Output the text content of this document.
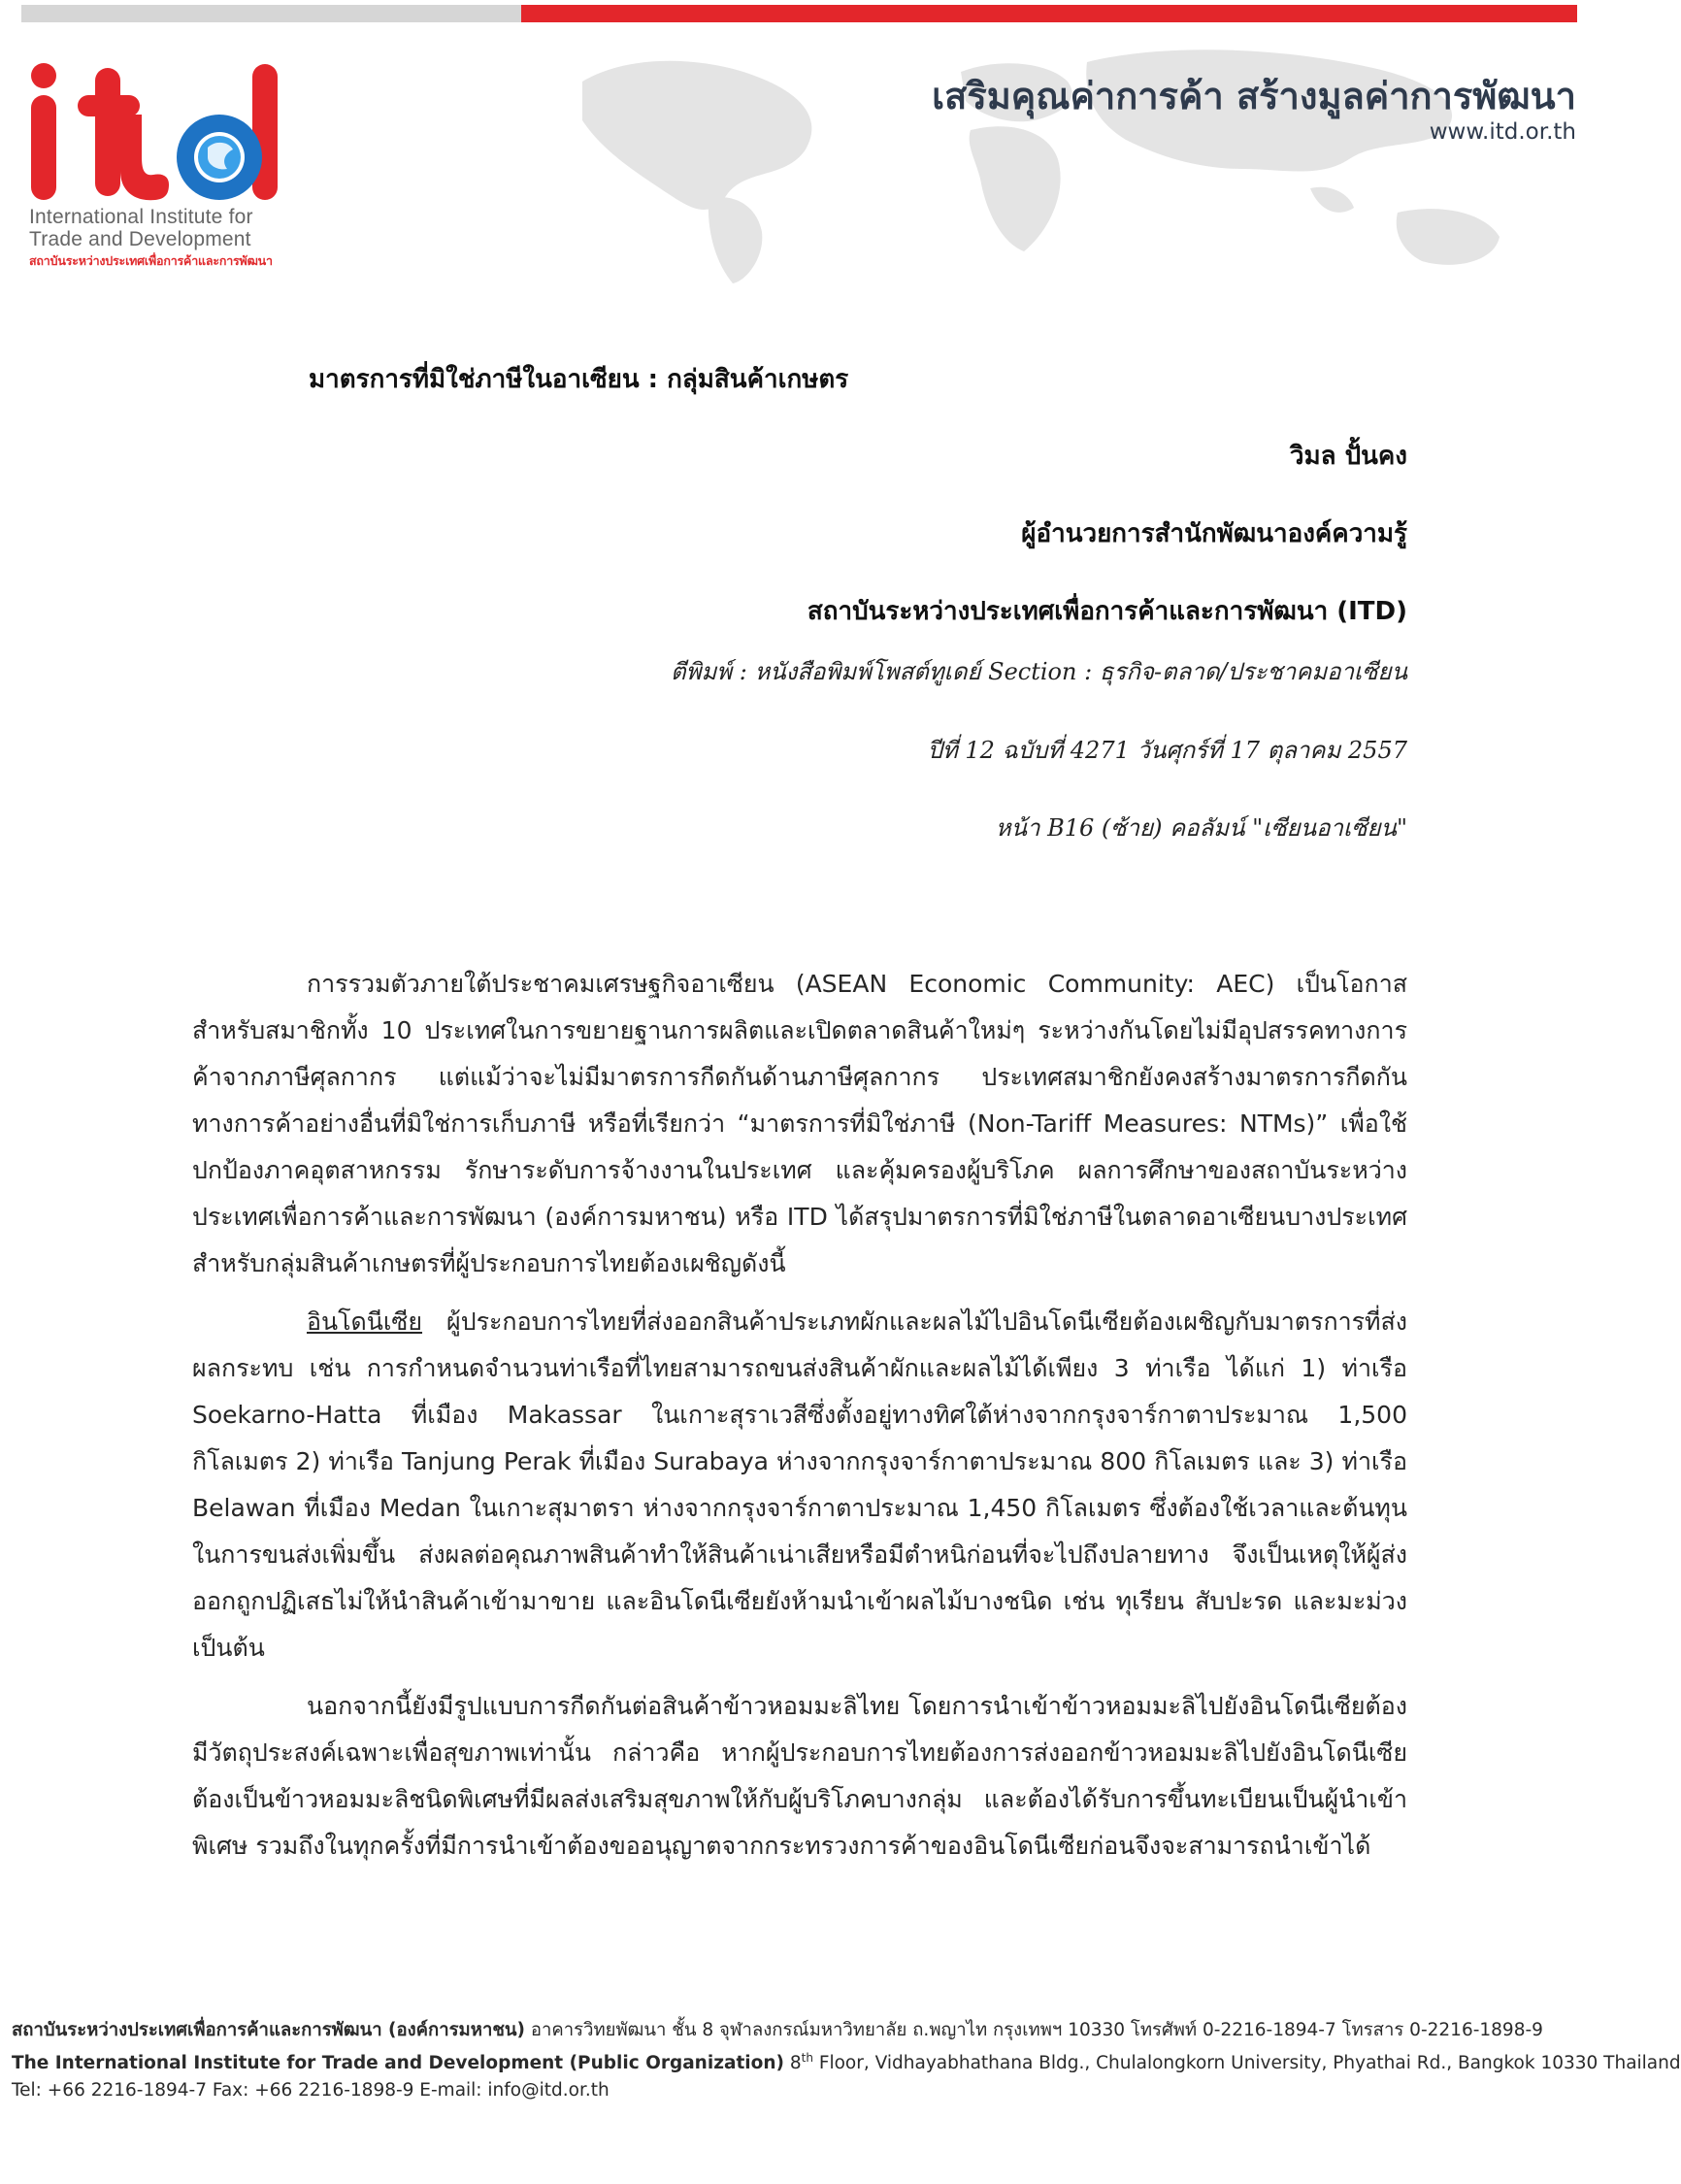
International Institute for
Trade and Development
สถาบันระหว่างประเทศเพื่อการค้าและการพัฒนา
เสริมคุณค่าการค้า สร้างมูลค่าการพัฒนา
www.itd.or.th
มาตรการที่มิใช่ภาษีในอาเซียน : กลุ่มสินค้าเกษตร
วิมล ปั้นคง
ผู้อำนวยการสำนักพัฒนาองค์ความรู้
สถาบันระหว่างประเทศเพื่อการค้าและการพัฒนา (ITD)
ตีพิมพ์ : หนังสือพิมพ์โพสต์ทูเดย์ Section : ธุรกิจ-ตลาด/ประชาคมอาเซียน
ปีที่ 12 ฉบับที่ 4271 วันศุกร์ที่ 17 ตุลาคม 2557
หน้า B16 (ซ้าย) คอลัมน์ "เซียนอาเซียน"

การรวมตัวภายใต้ประชาคมเศรษฐกิจอาเซียน (ASEAN Economic Community: AEC) เป็นโอกาสสำหรับสมาชิกทั้ง 10 ประเทศในการขยายฐานการผลิตและเปิดตลาดสินค้าใหม่ๆ ระหว่างกันโดยไม่มีอุปสรรคทางการค้าจากภาษีศุลกากร แต่แม้ว่าจะไม่มีมาตรการกีดกันด้านภาษีศุลกากร ประเทศสมาชิกยังคงสร้างมาตรการกีดกันทางการค้าอย่างอื่นที่มิใช่การเก็บภาษี หรือที่เรียกว่า “มาตรการที่มิใช่ภาษี (Non-Tariff Measures: NTMs)” เพื่อใช้ปกป้องภาคอุตสาหกรรม รักษาระดับการจ้างงานในประเทศ และคุ้มครองผู้บริโภค ผลการศึกษาของสถาบันระหว่างประเทศเพื่อการค้าและการพัฒนา (องค์การมหาชน) หรือ ITD ได้สรุปมาตรการที่มิใช่ภาษีในตลาดอาเซียนบางประเทศสำหรับกลุ่มสินค้าเกษตรที่ผู้ประกอบการไทยต้องเผชิญดังนี้

อินโดนีเซีย ผู้ประกอบการไทยที่ส่งออกสินค้าประเภทผักและผลไม้ไปอินโดนีเซียต้องเผชิญกับมาตรการที่ส่งผลกระทบ เช่น การกำหนดจำนวนท่าเรือที่ไทยสามารถขนส่งสินค้าผักและผลไม้ได้เพียง 3 ท่าเรือ ได้แก่ 1) ท่าเรือ Soekarno-Hatta ที่เมือง Makassar ในเกาะสุราเวสีซึ่งตั้งอยู่ทางทิศใต้ห่างจากกรุงจาร์กาตาประมาณ 1,500 กิโลเมตร 2) ท่าเรือ Tanjung Perak ที่เมือง Surabaya ห่างจากกรุงจาร์กาตาประมาณ 800 กิโลเมตร และ 3) ท่าเรือ Belawan ที่เมือง Medan ในเกาะสุมาตรา ห่างจากกรุงจาร์กาตาประมาณ 1,450 กิโลเมตร ซึ่งต้องใช้เวลาและต้นทุนในการขนส่งเพิ่มขึ้น ส่งผลต่อคุณภาพสินค้าทำให้สินค้าเน่าเสียหรือมีตำหนิก่อนที่จะไปถึงปลายทาง จึงเป็นเหตุให้ผู้ส่งออกถูกปฏิเสธไม่ให้นำสินค้าเข้ามาขาย และอินโดนีเซียยังห้ามนำเข้าผลไม้บางชนิด เช่น ทุเรียน สับปะรด และมะม่วง เป็นต้น

นอกจากนี้ยังมีรูปแบบการกีดกันต่อสินค้าข้าวหอมมะลิไทย โดยการนำเข้าข้าวหอมมะลิไปยังอินโดนีเซียต้องมีวัตถุประสงค์เฉพาะเพื่อสุขภาพเท่านั้น กล่าวคือ หากผู้ประกอบการไทยต้องการส่งออกข้าวหอมมะลิไปยังอินโดนีเซียต้องเป็นข้าวหอมมะลิชนิดพิเศษที่มีผลส่งเสริมสุขภาพให้กับผู้บริโภคบางกลุ่ม และต้องได้รับการขึ้นทะเบียนเป็นผู้นำเข้าพิเศษ รวมถึงในทุกครั้งที่มีการนำเข้าต้องขออนุญาตจากกระทรวงการค้าของอินโดนีเซียก่อนจึงจะสามารถนำเข้าได้

สถาบันระหว่างประเทศเพื่อการค้าและการพัฒนา (องค์การมหาชน) อาคารวิทยพัฒนา ชั้น 8 จุฬาลงกรณ์มหาวิทยาลัย ถ.พญาไท กรุงเทพฯ 10330 โทรศัพท์ 0-2216-1894-7 โทรสาร 0-2216-1898-9
The International Institute for Trade and Development (Public Organization) 8th Floor, Vidhayabhathana Bldg., Chulalongkorn University, Phyathai Rd., Bangkok 10330 Thailand
Tel: +66 2216-1894-7 Fax: +66 2216-1898-9 E-mail: info@itd.or.th
